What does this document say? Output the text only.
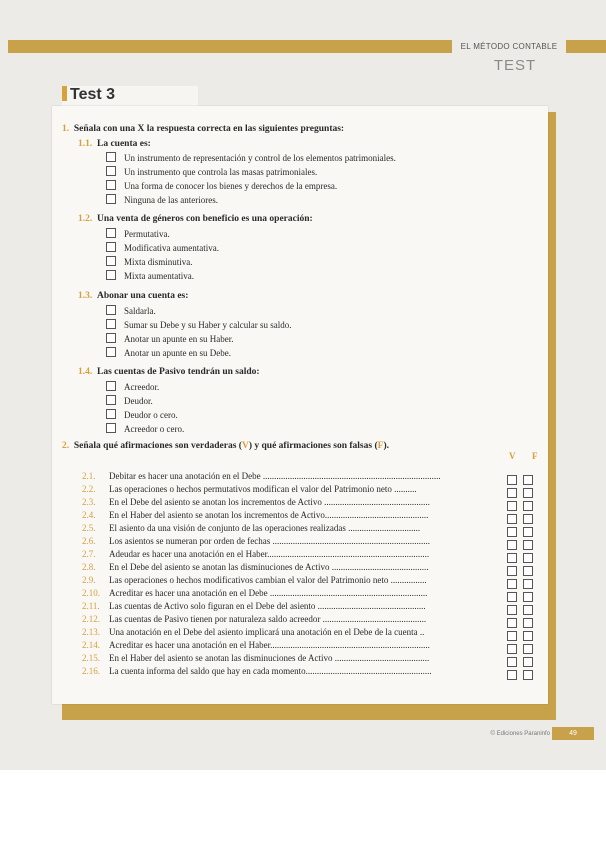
EL MÉTODO CONTABLE
TEST
Test 3
1. Señala con una X la respuesta correcta en las siguientes preguntas:
1.1. La cuenta es:
Un instrumento de representación y control de los elementos patrimoniales.
Un instrumento que controla las masas patrimoniales.
Una forma de conocer los bienes y derechos de la empresa.
Ninguna de las anteriores.
1.2. Una venta de géneros con beneficio es una operación:
Permutativa.
Modificativa aumentativa.
Mixta disminutiva.
Mixta aumentativa.
1.3. Abonar una cuenta es:
Saldarla.
Sumar su Debe y su Haber y calcular su saldo.
Anotar un apunte en su Haber.
Anotar un apunte en su Debe.
1.4. Las cuentas de Pasivo tendrán un saldo:
Acreedor.
Deudor.
Deudor o cero.
Acreedor o cero.
2. Señala qué afirmaciones son verdaderas (V) y qué afirmaciones son falsas (F).
V F
2.1. Debitar es hacer una anotación en el Debe ...............................................................................
2.2. Las operaciones o hechos permutativos modifican el valor del Patrimonio neto ..........
2.3. En el Debe del asiento se anotan los incrementos de Activo ...............................................
2.4. En el Haber del asiento se anotan los incrementos de Activo..............................................
2.5. El asiento da una visión de conjunto de las operaciones realizadas ................................
2.6. Los asientos se numeran por orden de fechas ......................................................................
2.7. Adeudar es hacer una anotación en el Haber........................................................................
2.8. En el Debe del asiento se anotan las disminuciones de Activo ...........................................
2.9. Las operaciones o hechos modificativos cambian el valor del Patrimonio neto ................
2.10. Acreditar es hacer una anotación en el Debe ......................................................................
2.11. Las cuentas de Activo solo figuran en el Debe del asiento ................................................
2.12. Las cuentas de Pasivo tienen por naturaleza saldo acreedor ..............................................
2.13. Una anotación en el Debe del asiento implicará una anotación en el Debe de la cuenta ..
2.14. Acreditar es hacer una anotación en el Haber.......................................................................
2.15. En el Haber del asiento se anotan las disminuciones de Activo ..........................................
2.16. La cuenta informa del saldo que hay en cada momento........................................................
© Ediciones Paraninfo	49
